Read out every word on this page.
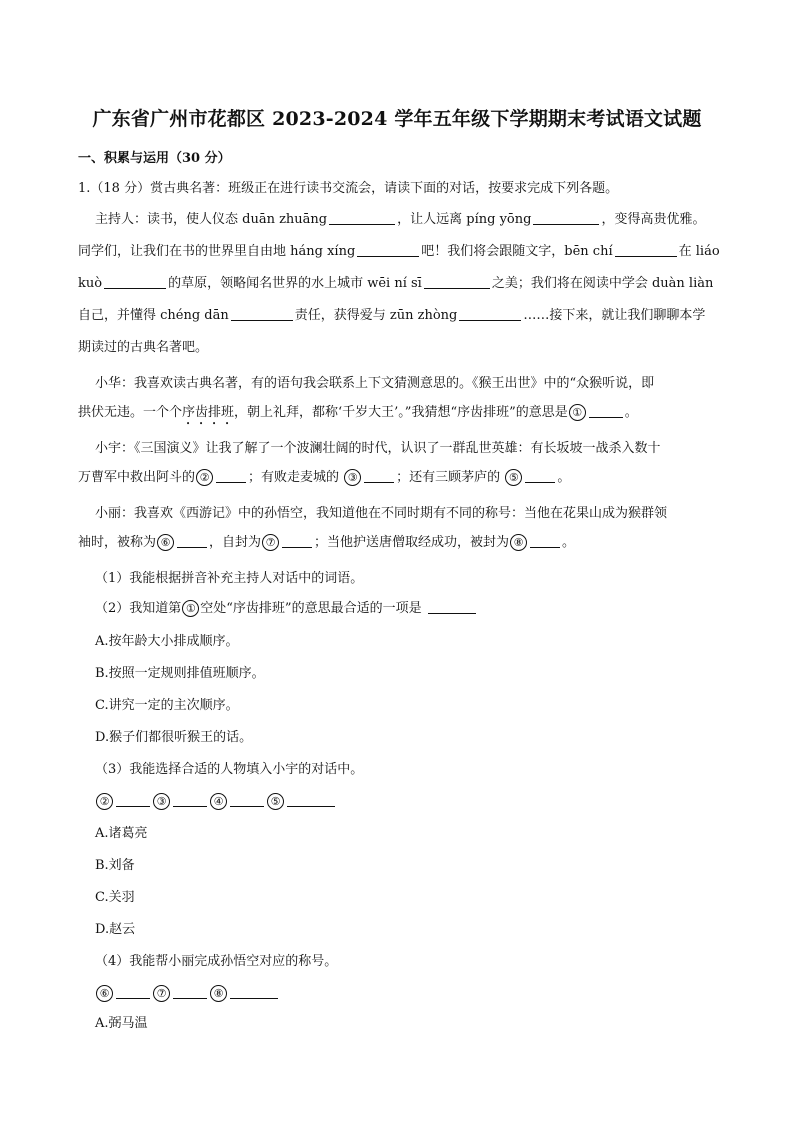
广东省广州市花都区 2023-2024 学年五年级下学期期末考试语文试题
一、积累与运用（30 分）
1.（18 分）赏古典名著：班级正在进行读书交流会，请读下面的对话，按要求完成下列各题。
主持人：读书，使人仪态 duān zhuāng	，让人远离 píng yōng	，变得高贵优雅。
同学们，让我们在书的世界里自由地 háng xíng	吧！我们将会跟随文字，bēn chí	在 liáo
kuò	的草原，领略闻名世界的水上城市 wēi ní sī	之美；我们将在阅读中学会 duàn liàn
自己，并懂得 chéng dān	责任，获得爱与 zūn zhòng	……接下来，就让我们聊聊本学
期读过的古典名著吧。
小华：我喜欢读古典名著，有的语句我会联系上下文猜测意思的。《猴王出世》中的“众猴听说，即
拱伏无违。一个个序齿排班，朝上礼拜，都称‘千岁大王’。”我猜想“序齿排班”的意思是 ①	。
小宇：《三国演义》让我了解了一个波澜壮阔的时代，认识了一群乱世英雄：有长坂坡一战杀入数十
万曹军中救出阿斗的 ②	；有败走麦城的 ③	；还有三顾茅庐的 ⑤	。
小丽：我喜欢《西游记》中的孙悟空，我知道他在不同时期有不同的称号：当他在花果山成为猴群领
袖时，被称为 ⑥	，自封为 ⑦	；当他护送唐僧取经成功，被封为 ⑧	。
（1）我能根据拼音补充主持人对话中的词语。
（2）我知道第 ① 空处“序齿排班”的意思最合适的一项是
A.按年龄大小排成顺序。
B.按照一定规则排值班顺序。
C.讲究一定的主次顺序。
D.猴子们都很听猴王的话。
（3）我能选择合适的人物填入小宇的对话中。
②	③	④	⑤
A.诸葛亮
B.刘备
C.关羽
D.赵云
（4）我能帮小丽完成孙悟空对应的称号。
⑥	⑦	⑧
A.弼马温
